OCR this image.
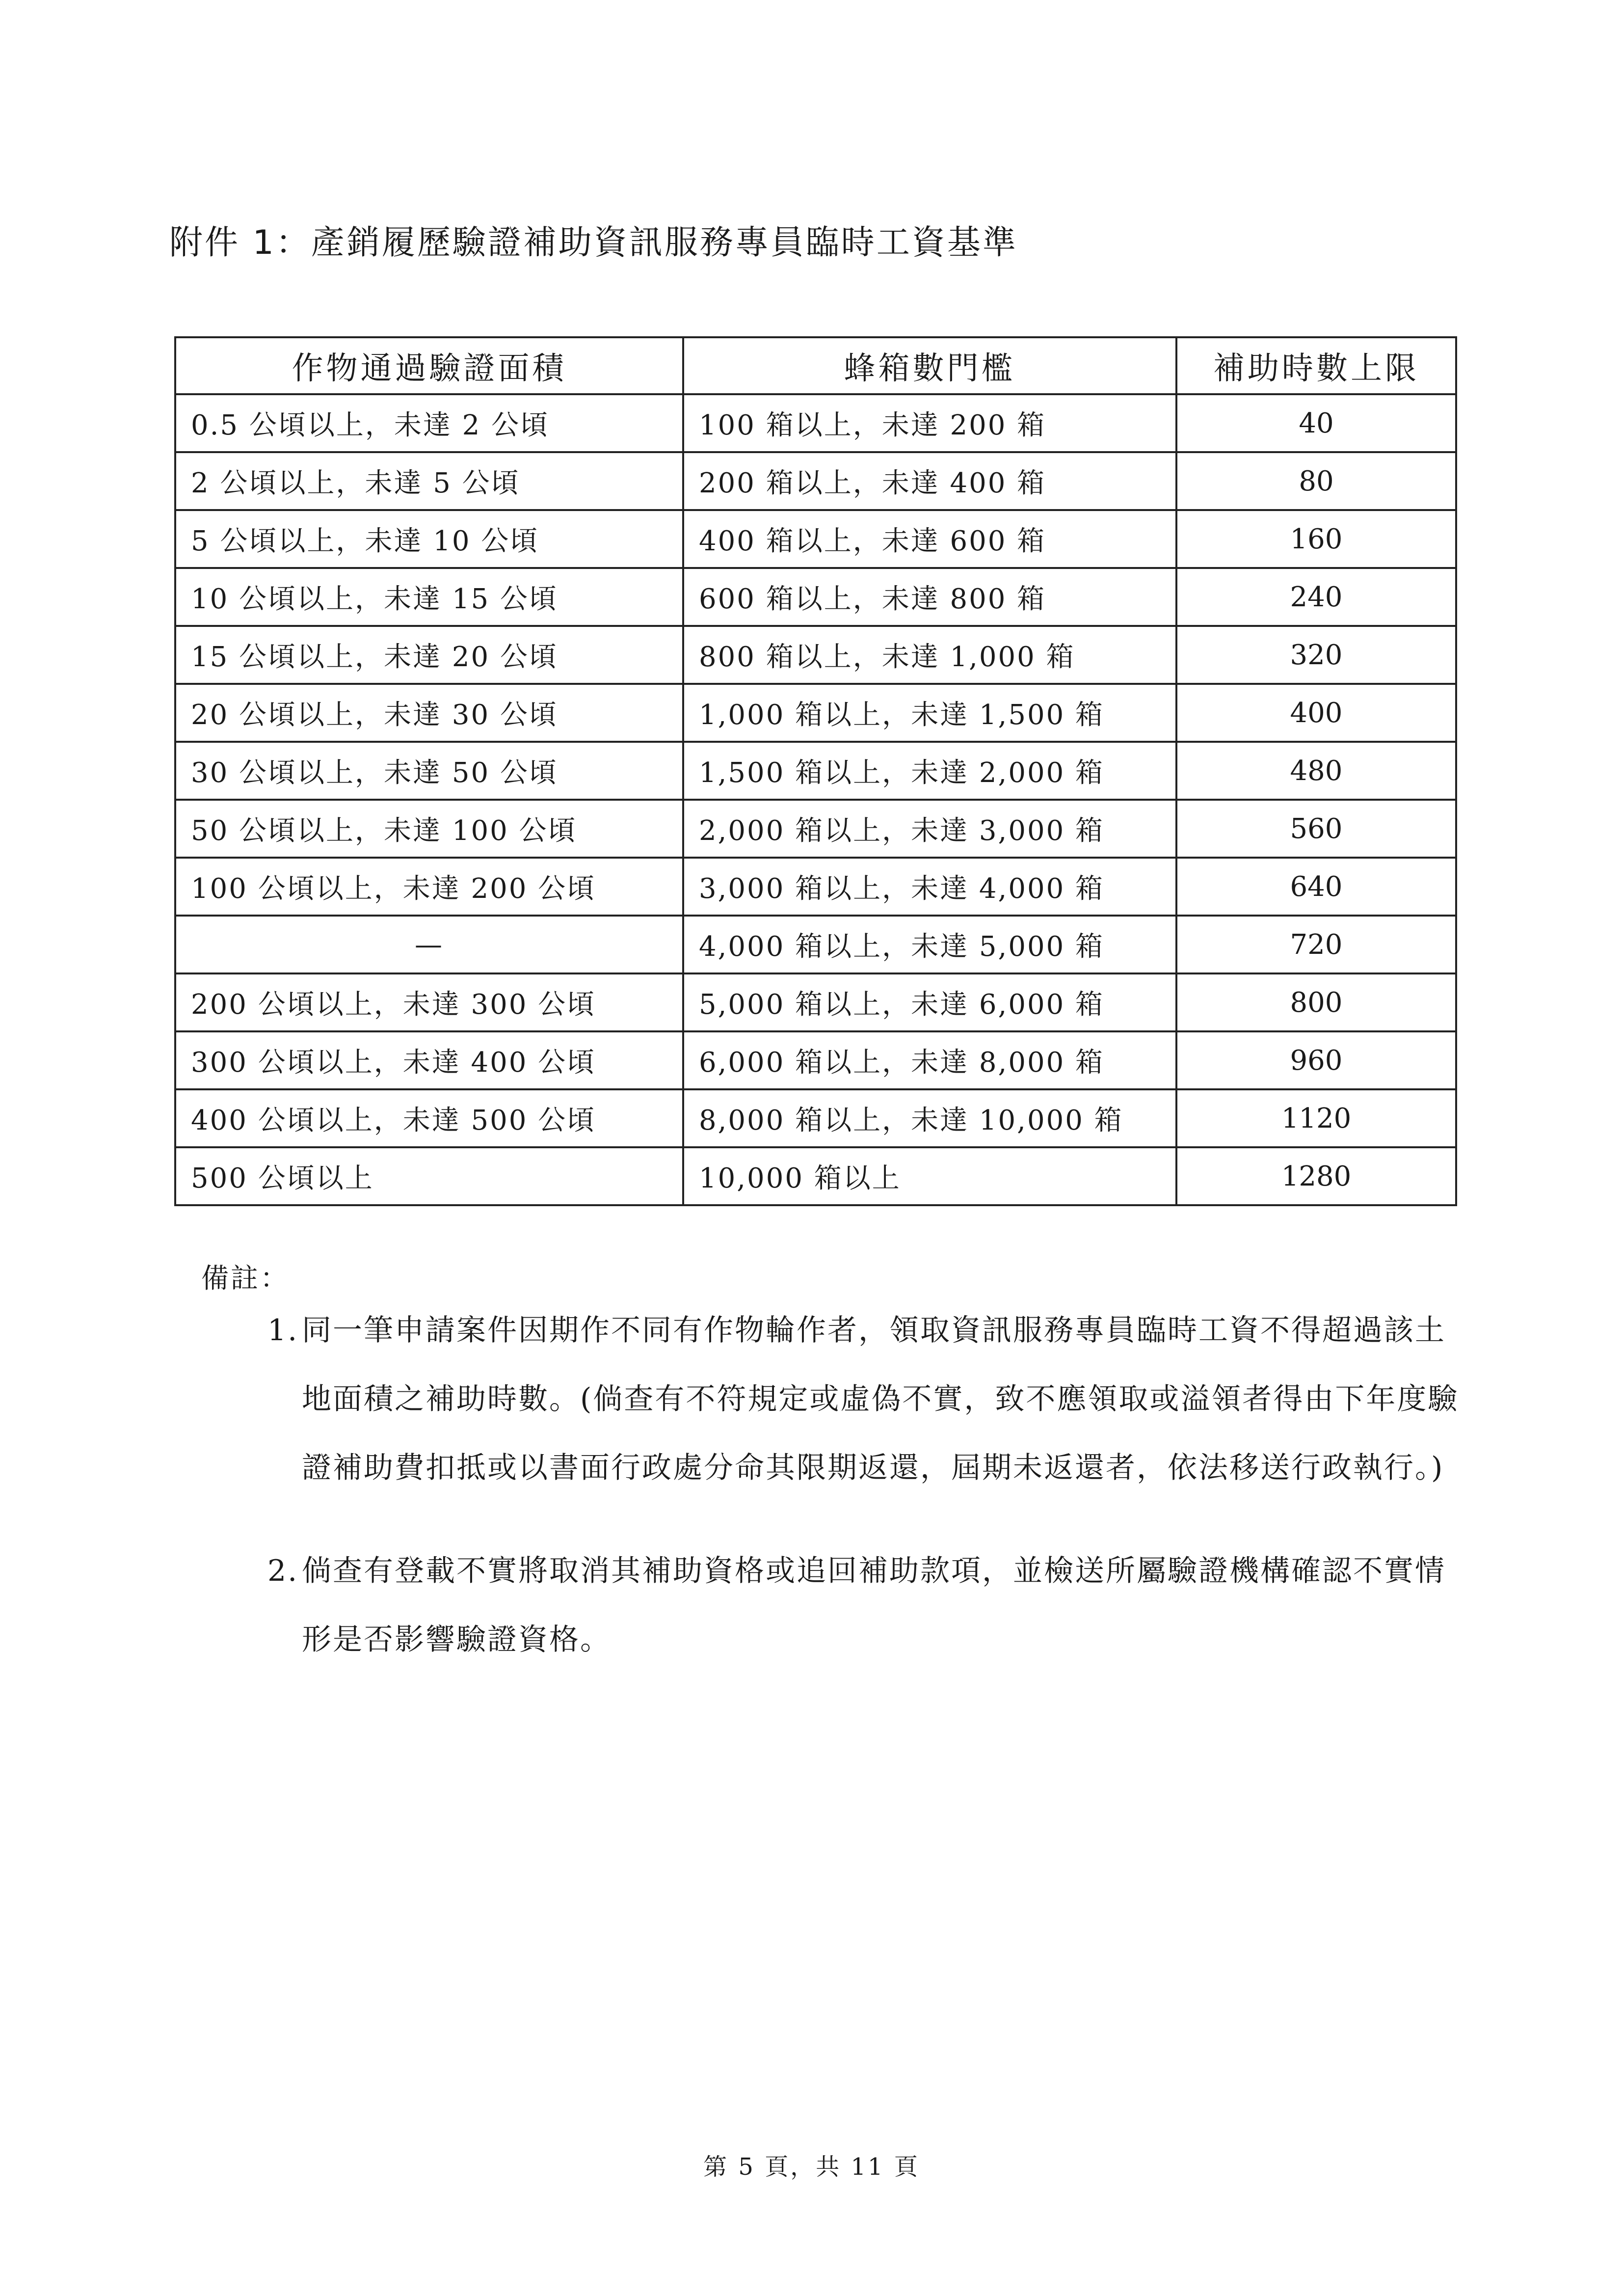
附件 1：產銷履歷驗證補助資訊服務專員臨時工資基準
作物通過驗證面積	蜂箱數門檻	補助時數上限
0.5 公頃以上，未達 2 公頃	100 箱以上，未達 200 箱	40
2 公頃以上，未達 5 公頃	200 箱以上，未達 400 箱	80
5 公頃以上，未達 10 公頃	400 箱以上，未達 600 箱	160
10 公頃以上，未達 15 公頃	600 箱以上，未達 800 箱	240
15 公頃以上，未達 20 公頃	800 箱以上，未達 1,000 箱	320
20 公頃以上，未達 30 公頃	1,000 箱以上，未達 1,500 箱	400
30 公頃以上，未達 50 公頃	1,500 箱以上，未達 2,000 箱	480
50 公頃以上，未達 100 公頃	2,000 箱以上，未達 3,000 箱	560
100 公頃以上，未達 200 公頃	3,000 箱以上，未達 4,000 箱	640
—	4,000 箱以上，未達 5,000 箱	720
200 公頃以上，未達 300 公頃	5,000 箱以上，未達 6,000 箱	800
300 公頃以上，未達 400 公頃	6,000 箱以上，未達 8,000 箱	960
400 公頃以上，未達 500 公頃	8,000 箱以上，未達 10,000 箱	1120
500 公頃以上	10,000 箱以上	1280
備註：
1. 同一筆申請案件因期作不同有作物輪作者，領取資訊服務專員臨時工資不得超過該土地面積之補助時數。(倘查有不符規定或虛偽不實，致不應領取或溢領者得由下年度驗證補助費扣抵或以書面行政處分命其限期返還，屆期未返還者，依法移送行政執行。)
2. 倘查有登載不實將取消其補助資格或追回補助款項，並檢送所屬驗證機構確認不實情形是否影響驗證資格。
第 5 頁，共 11 頁
